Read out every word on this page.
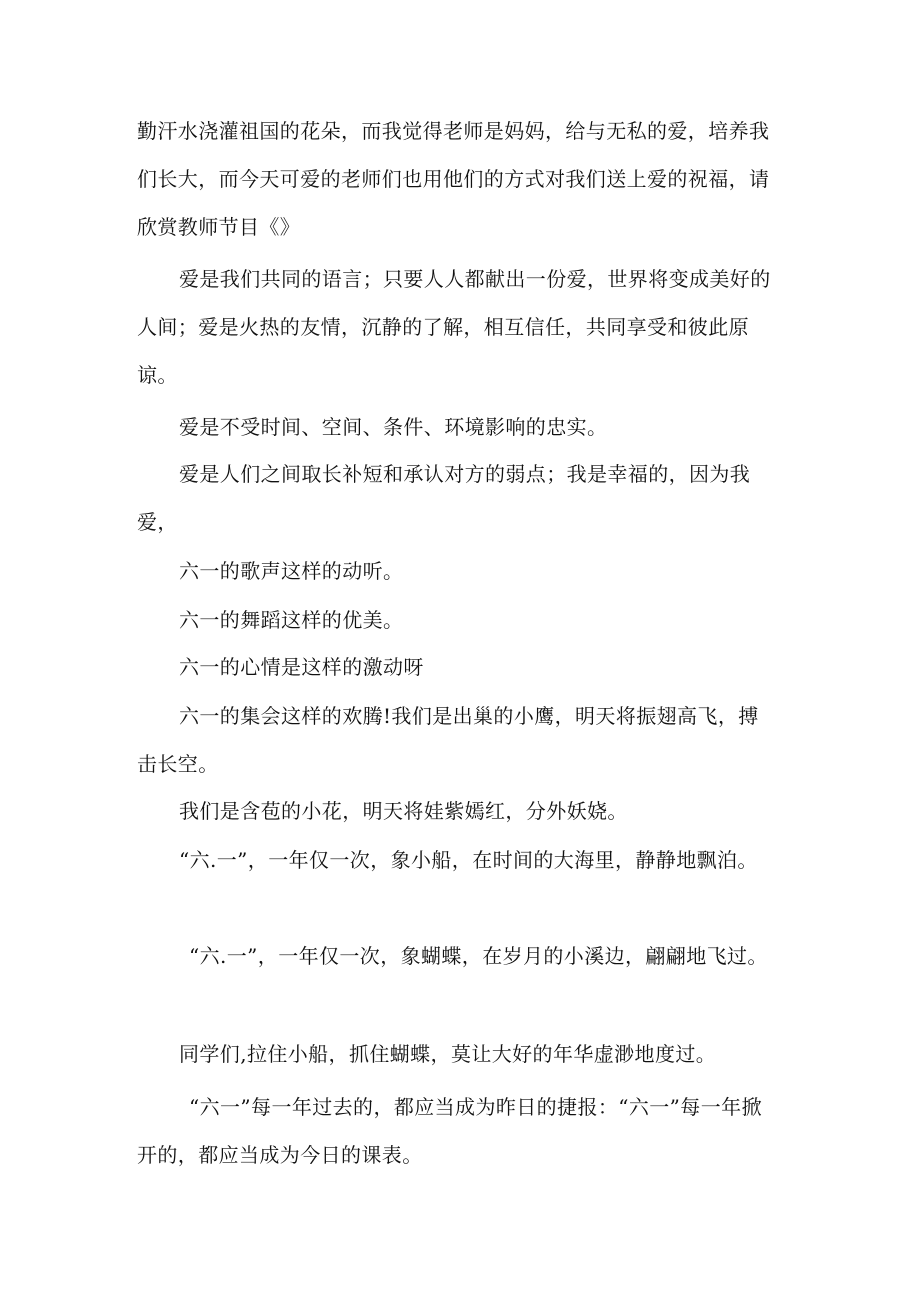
勤汗水浇灌祖国的花朵，而我觉得老师是妈妈，给与无私的爱，培养我们长大，而今天可爱的老师们也用他们的方式对我们送上爱的祝福，请欣赏教师节目《》

爱是我们共同的语言；只要人人都献出一份爱，世界将变成美好的人间；爱是火热的友情，沉静的了解，相互信任，共同享受和彼此原谅。

爱是不受时间、空间、条件、环境影响的忠实。

爱是人们之间取长补短和承认对方的弱点；我是幸福的，因为我爱，

六一的歌声这样的动听。

六一的舞蹈这样的优美。

六一的心情是这样的激动呀

六一的集会这样的欢腾!我们是出巢的小鹰，明天将振翅高飞，搏击长空。

我们是含苞的小花，明天将娃紫嫣红，分外妖娆。

“六.一”，一年仅一次，象小船，在时间的大海里，静静地飘泊。

“六.一”，一年仅一次，象蝴蝶，在岁月的小溪边，翩翩地飞过。

同学们,拉住小船，抓住蝴蝶，莫让大好的年华虚渺地度过。

“六一”每一年过去的，都应当成为昨日的捷报：“六一”每一年掀开的，都应当成为今日的课表。
